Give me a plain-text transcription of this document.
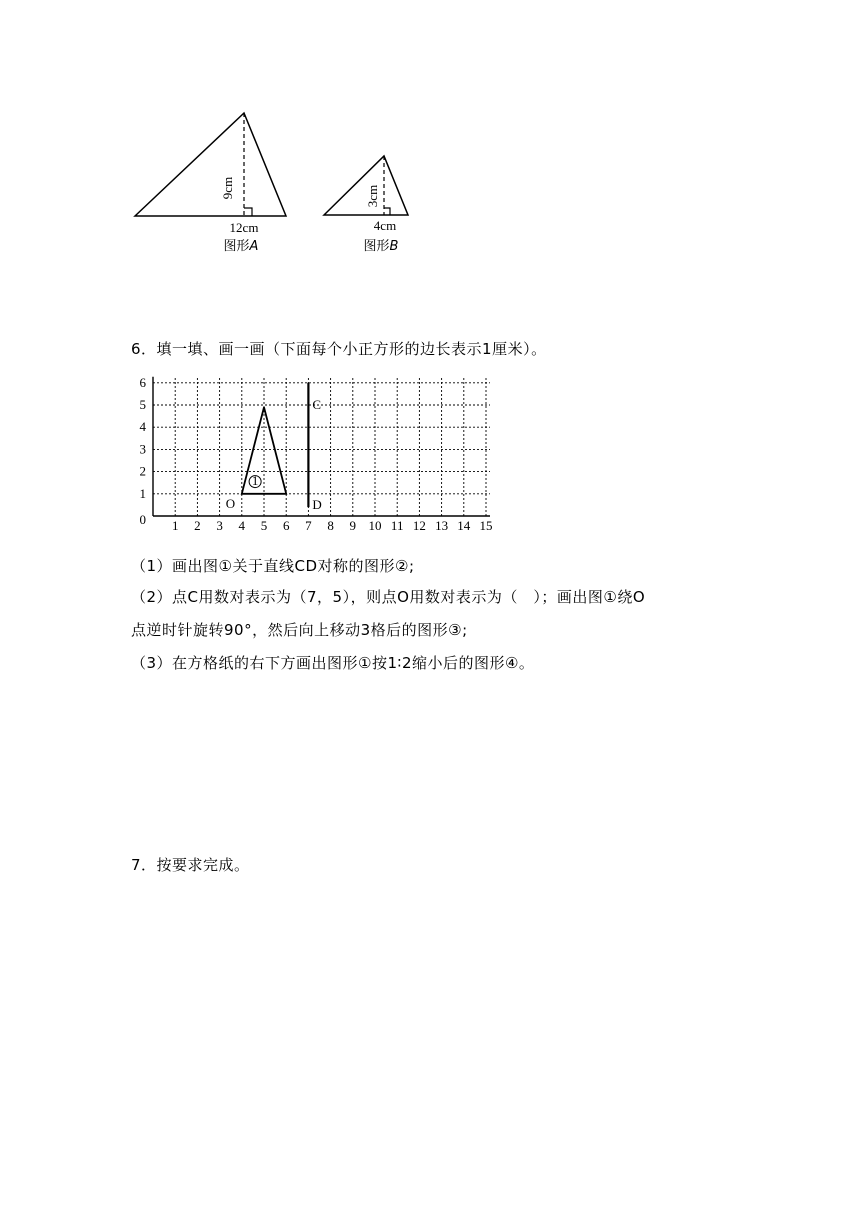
9cm
12cm
图形A
3cm
4cm
图形B
6．填一填、画一画（下面每个小正方形的边长表示1厘米）。
1 2 3 4 5 6 7 8 9 10 11 12 13 14 15
0
1
2
3
4
5
6
C
D
O
1
（1）画出图①关于直线CD对称的图形②;
（2）点C用数对表示为（7，5），则点O用数对表示为（　）；画出图①绕O
点逆时针旋转90°，然后向上移动3格后的图形③;
（3）在方格纸的右下方画出图形①按1∶2缩小后的图形④。
7．按要求完成。
